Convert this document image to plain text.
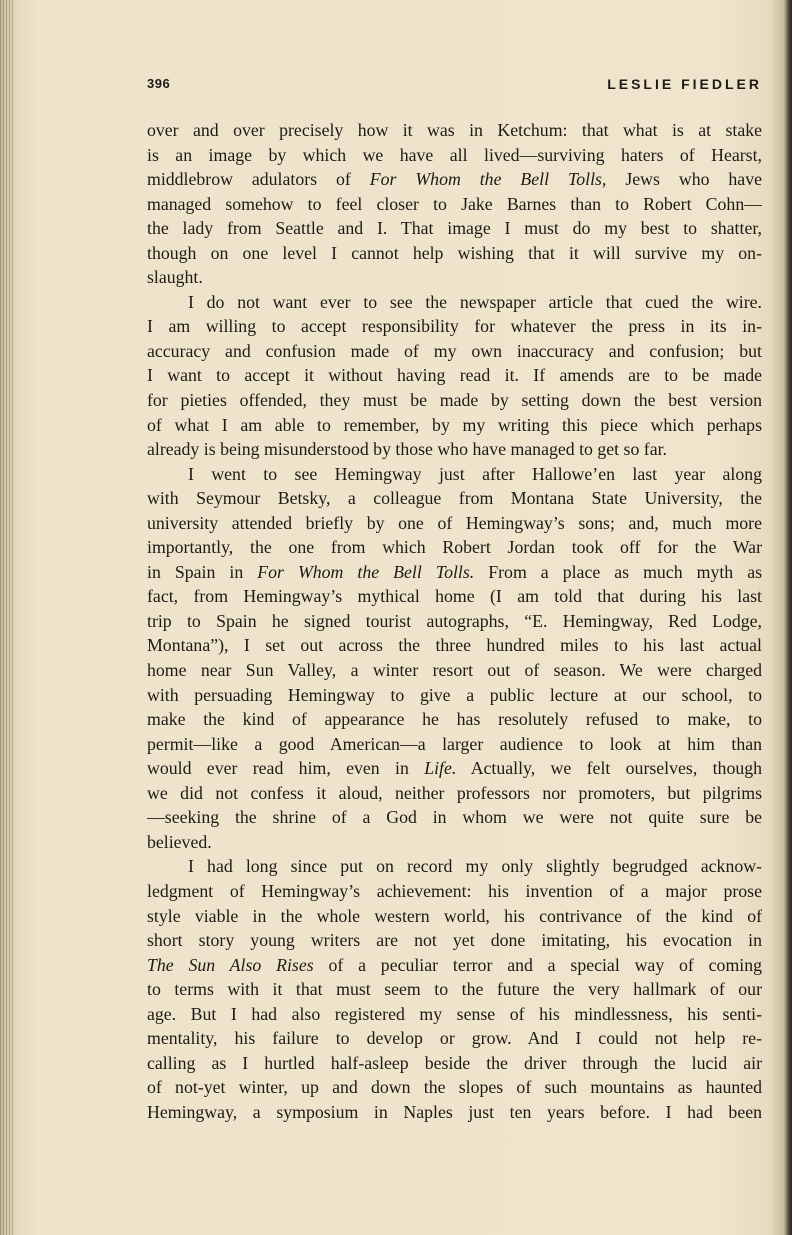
396	LESLIE FIEDLER
over and over precisely how it was in Ketchum: that what is at stake
is an image by which we have all lived—surviving haters of Hearst,
middlebrow adulators of For Whom the Bell Tolls, Jews who have
managed somehow to feel closer to Jake Barnes than to Robert Cohn—
the lady from Seattle and I. That image I must do my best to shatter,
though on one level I cannot help wishing that it will survive my on-
slaught.
I do not want ever to see the newspaper article that cued the wire.
I am willing to accept responsibility for whatever the press in its in-
accuracy and confusion made of my own inaccuracy and confusion; but
I want to accept it without having read it. If amends are to be made
for pieties offended, they must be made by setting down the best version
of what I am able to remember, by my writing this piece which perhaps
already is being misunderstood by those who have managed to get so far.
I went to see Hemingway just after Hallowe’en last year along
with Seymour Betsky, a colleague from Montana State University, the
university attended briefly by one of Hemingway’s sons; and, much more
importantly, the one from which Robert Jordan took off for the War
in Spain in For Whom the Bell Tolls. From a place as much myth as
fact, from Hemingway’s mythical home (I am told that during his last
trip to Spain he signed tourist autographs, “E. Hemingway, Red Lodge,
Montana”), I set out across the three hundred miles to his last actual
home near Sun Valley, a winter resort out of season. We were charged
with persuading Hemingway to give a public lecture at our school, to
make the kind of appearance he has resolutely refused to make, to
permit—like a good American—a larger audience to look at him than
would ever read him, even in Life. Actually, we felt ourselves, though
we did not confess it aloud, neither professors nor promoters, but pilgrims
—seeking the shrine of a God in whom we were not quite sure be
believed.
I had long since put on record my only slightly begrudged acknow-
ledgment of Hemingway’s achievement: his invention of a major prose
style viable in the whole western world, his contrivance of the kind of
short story young writers are not yet done imitating, his evocation in
The Sun Also Rises of a peculiar terror and a special way of coming
to terms with it that must seem to the future the very hallmark of our
age. But I had also registered my sense of his mindlessness, his senti-
mentality, his failure to develop or grow. And I could not help re-
calling as I hurtled half-asleep beside the driver through the lucid air
of not-yet winter, up and down the slopes of such mountains as haunted
Hemingway, a symposium in Naples just ten years before. I had been
